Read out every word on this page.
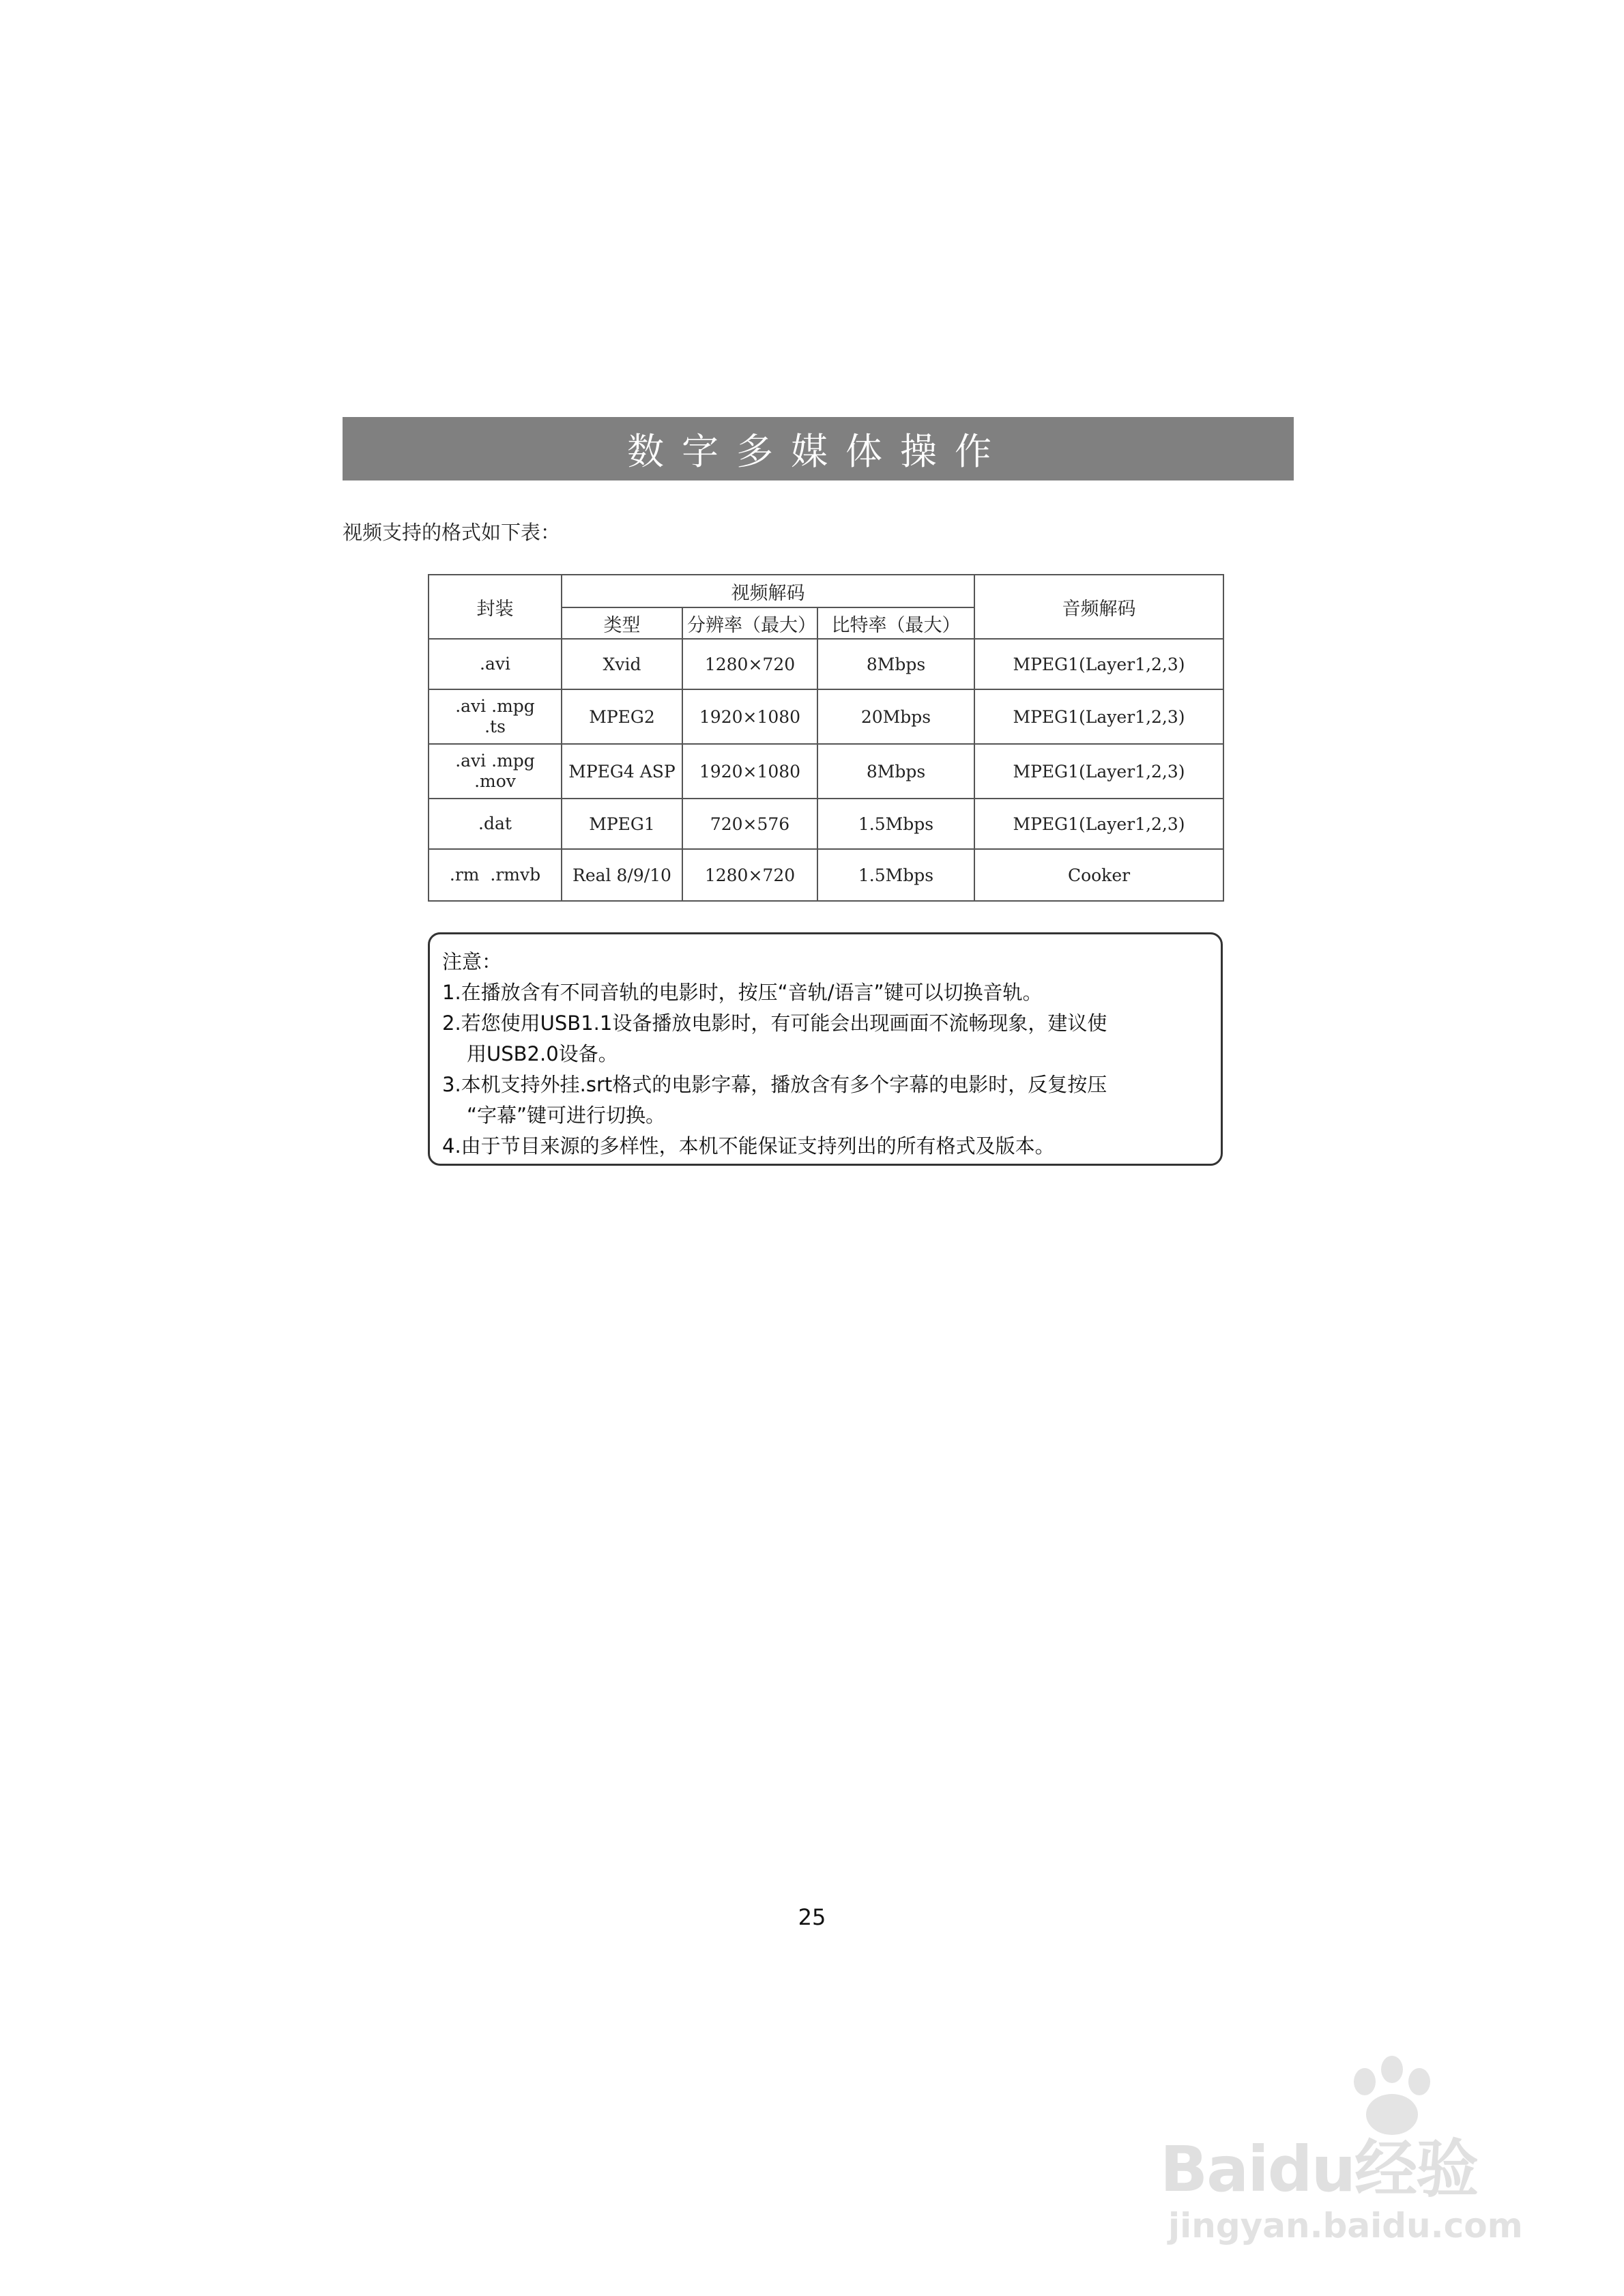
数字多媒体操作
视频支持的格式如下表：
封装	视频解码			音频解码
	类型	分辨率（最大）	比特率（最大）	

.avi	Xvid	1280×720	8Mbps	MPEG1(Layer1,2,3)

.avi .mpg
.ts	MPEG2	1920×1080	20Mbps	MPEG1(Layer1,2,3)

.avi .mpg
.mov	MPEG4 ASP	1920×1080	8Mbps	MPEG1(Layer1,2,3)

.dat	MPEG1	720×576	1.5Mbps	MPEG1(Layer1,2,3)

.rm  .rmvb	Real 8/9/10	1280×720	1.5Mbps	Cooker
注意：
1.在播放含有不同音轨的电影时，按压“音轨/语言”键可以切换音轨。
2.若您使用USB1.1设备播放电影时，有可能会出现画面不流畅现象，建议使
用USB2.0设备。
3.本机支持外挂.srt格式的电影字幕，播放含有多个字幕的电影时，反复按压
“字幕”键可进行切换。
4.由于节目来源的多样性，本机不能保证支持列出的所有格式及版本。
25
Baidu经验
jingyan.baidu.com
